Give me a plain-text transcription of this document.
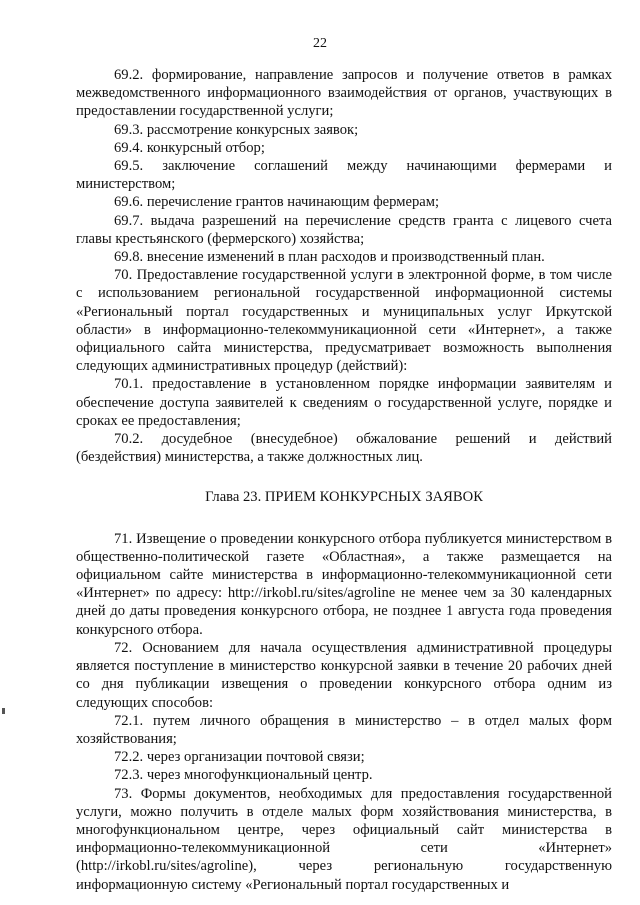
22

69.2. формирование, направление запросов и получение ответов в рамках межведомственного информационного взаимодействия от органов, участвующих в предоставлении государственной услуги;

69.3. рассмотрение конкурсных заявок;

69.4. конкурсный отбор;

69.5. заключение соглашений между начинающими фермерами и министерством;

69.6. перечисление грантов начинающим фермерам;

69.7. выдача разрешений на перечисление средств гранта с лицевого счета главы крестьянского (фермерского) хозяйства;

69.8. внесение изменений в план расходов и производственный план.

70. Предоставление государственной услуги в электронной форме, в том числе с использованием региональной государственной информационной системы «Региональный портал государственных и муниципальных услуг Иркутской области» в информационно-телекоммуникационной сети «Интернет», а также официального сайта министерства, предусматривает возможность выполнения следующих административных процедур (действий):

70.1. предоставление в установленном порядке информации заявителям и обеспечение доступа заявителей к сведениям о государственной услуге, порядке и сроках ее предоставления;

70.2. досудебное (внесудебное) обжалование решений и действий (бездействия) министерства, а также должностных лиц.

Глава 23. ПРИЕМ КОНКУРСНЫХ ЗАЯВОК

71. Извещение о проведении конкурсного отбора публикуется министерством в общественно-политической газете «Областная», а также размещается на официальном сайте министерства в информационно-телекоммуникационной сети «Интернет» по адресу: http://irkobl.ru/sites/agroline не менее чем за 30 календарных дней до даты проведения конкурсного отбора, не позднее 1 августа года проведения конкурсного отбора.

72. Основанием для начала осуществления административной процедуры является поступление в министерство конкурсной заявки в течение 20 рабочих дней со дня публикации извещения о проведении конкурсного отбора одним из следующих способов:

72.1. путем личного обращения в министерство – в отдел малых форм хозяйствования;

72.2. через организации почтовой связи;

72.3. через многофункциональный центр.

73. Формы документов, необходимых для предоставления государственной услуги, можно получить в отделе малых форм хозяйствования министерства, в многофункциональном центре, через официальный сайт министерства в информационно-телекоммуникационной сети «Интернет» (http://irkobl.ru/sites/agroline), через региональную государственную информационную систему «Региональный портал государственных и
